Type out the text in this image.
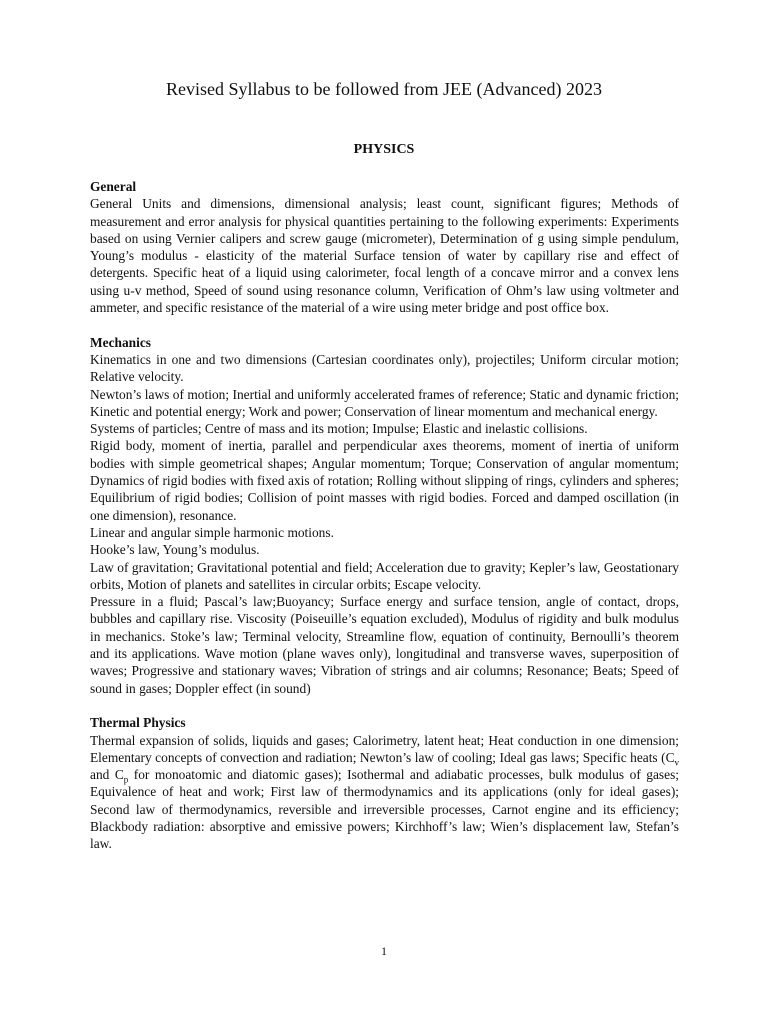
Revised Syllabus to be followed from JEE (Advanced) 2023
PHYSICS
General

General Units and dimensions, dimensional analysis; least count, significant figures; Methods of measurement and error analysis for physical quantities pertaining to the following experiments: Experiments based on using Vernier calipers and screw gauge (micrometer), Determination of g using simple pendulum, Young’s modulus - elasticity of the material Surface tension of water by capillary rise and effect of detergents. Specific heat of a liquid using calorimeter, focal length of a concave mirror and a convex lens using u-v method, Speed of sound using resonance column, Verification of Ohm’s law using voltmeter and ammeter, and specific resistance of the material of a wire using meter bridge and post office box.

Mechanics

Kinematics in one and two dimensions (Cartesian coordinates only), projectiles; Uniform circular motion; Relative velocity.

Newton’s laws of motion; Inertial and uniformly accelerated frames of reference; Static and dynamic friction; Kinetic and potential energy; Work and power; Conservation of linear momentum and mechanical energy.

Systems of particles; Centre of mass and its motion; Impulse; Elastic and inelastic collisions.

Rigid body, moment of inertia, parallel and perpendicular axes theorems, moment of inertia of uniform bodies with simple geometrical shapes; Angular momentum; Torque; Conservation of angular momentum; Dynamics of rigid bodies with fixed axis of rotation; Rolling without slipping of rings, cylinders and spheres; Equilibrium of rigid bodies; Collision of point masses with rigid bodies. Forced and damped oscillation (in one dimension), resonance.

Linear and angular simple harmonic motions.

Hooke’s law, Young’s modulus.

Law of gravitation; Gravitational potential and field; Acceleration due to gravity; Kepler’s law, Geostationary orbits, Motion of planets and satellites in circular orbits; Escape velocity.

Pressure in a fluid; Pascal’s law;Buoyancy; Surface energy and surface tension, angle of contact, drops, bubbles and capillary rise. Viscosity (Poiseuille’s equation excluded), Modulus of rigidity and bulk modulus in mechanics. Stoke’s law; Terminal velocity, Streamline flow, equation of continuity, Bernoulli’s theorem and its applications. Wave motion (plane waves only), longitudinal and transverse waves, superposition of waves; Progressive and stationary waves; Vibration of strings and air columns; Resonance; Beats; Speed of sound in gases; Doppler effect (in sound)

Thermal Physics

Thermal expansion of solids, liquids and gases; Calorimetry, latent heat; Heat conduction in one dimension; Elementary concepts of convection and radiation; Newton’s law of cooling; Ideal gas laws; Specific heats ($C_v$ and $C_p$ for monoatomic and diatomic gases); Isothermal and adiabatic processes, bulk modulus of gases; Equivalence of heat and work; First law of thermodynamics and its applications (only for ideal gases); Second law of thermodynamics, reversible and irreversible processes, Carnot engine and its efficiency; Blackbody radiation: absorptive and emissive powers; Kirchhoff’s law; Wien’s displacement law, Stefan’s law.

1
